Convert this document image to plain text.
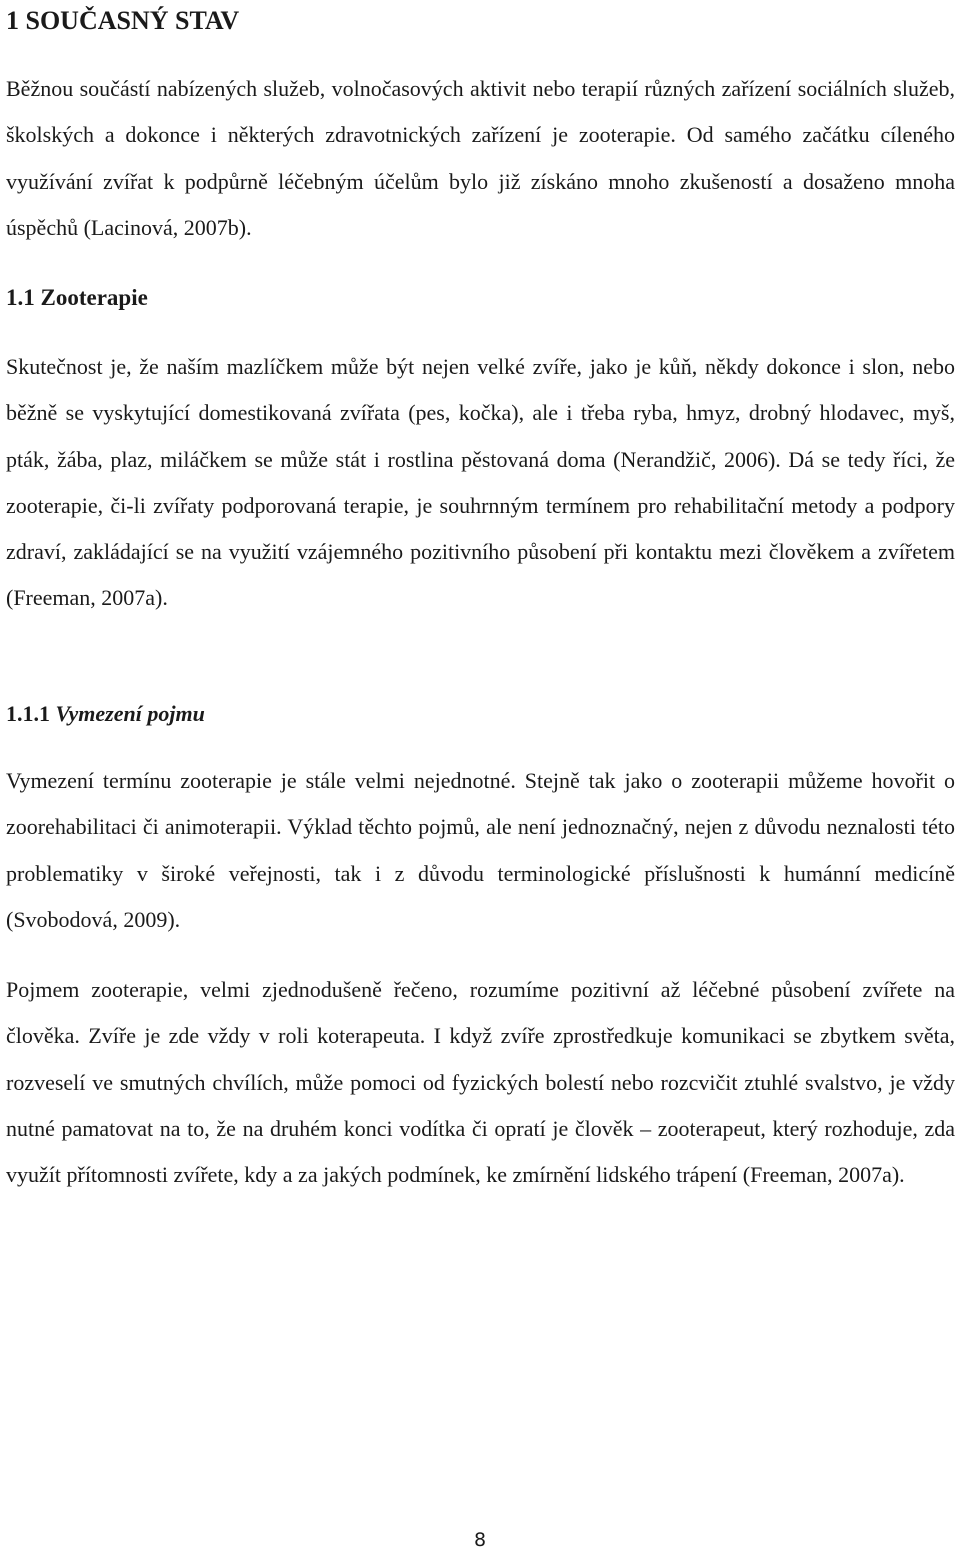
1 SOUČASNÝ STAV

Běžnou součástí nabízených služeb, volnočasových aktivit nebo terapií různých zařízení sociálních služeb, školských a dokonce i některých zdravotnických zařízení je zooterapie. Od samého začátku cíleného využívání zvířat k podpůrně léčebným účelům bylo již získáno mnoho zkušeností a dosaženo mnoha úspěchů (Lacinová, 2007b).

1.1 Zooterapie

Skutečnost je, že naším mazlíčkem může být nejen velké zvíře, jako je kůň, někdy dokonce i slon, nebo běžně se vyskytující domestikovaná zvířata (pes, kočka), ale i třeba ryba, hmyz, drobný hlodavec, myš, pták, žába, plaz, miláčkem se může stát i rostlina pěstovaná doma (Nerandžič, 2006). Dá se tedy říci, že zooterapie, či-li zvířaty podporovaná terapie, je souhrnným termínem pro rehabilitační metody a podpory zdraví, zakládající se na využití vzájemného pozitivního působení při kontaktu mezi člověkem a zvířetem (Freeman, 2007a).

1.1.1 Vymezení pojmu

Vymezení termínu zooterapie je stále velmi nejednotné. Stejně tak jako o zooterapii můžeme hovořit o zoorehabilitaci či animoterapii. Výklad těchto pojmů, ale není jednoznačný, nejen z důvodu neznalosti této problematiky v široké veřejnosti, tak i z důvodu terminologické příslušnosti k humánní medicíně (Svobodová, 2009).

Pojmem zooterapie, velmi zjednodušeně řečeno, rozumíme pozitivní až léčebné působení zvířete na člověka. Zvíře je zde vždy v roli koterapeuta. I když zvíře zprostředkuje komunikaci se zbytkem světa, rozveselí ve smutných chvílích, může pomoci od fyzických bolestí nebo rozcvičit ztuhlé svalstvo, je vždy nutné pamatovat na to, že na druhém konci vodítka či opratí je člověk – zooterapeut, který rozhoduje, zda využít přítomnosti zvířete, kdy a za jakých podmínek, ke zmírnění lidského trápení (Freeman, 2007a).

8
